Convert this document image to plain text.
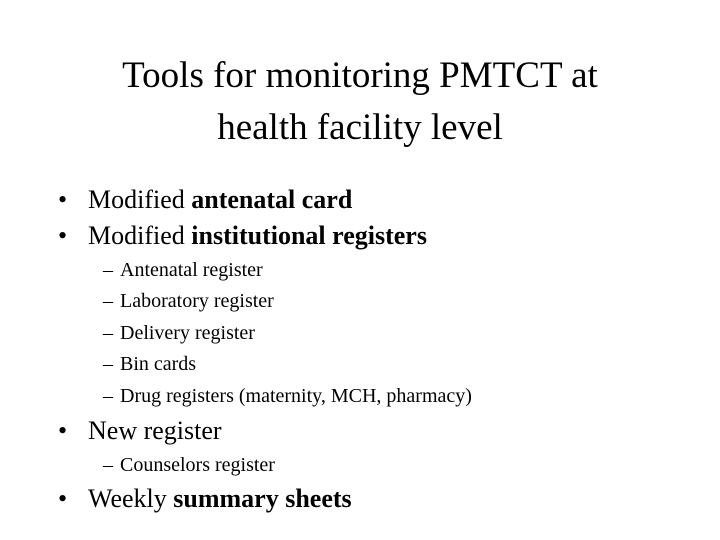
Tools for monitoring PMTCT at
health facility level
• Modified antenatal card
• Modified institutional registers
– Antenatal register
– Laboratory register
– Delivery register
– Bin cards
– Drug registers (maternity, MCH, pharmacy)
• New register
– Counselors register
• Weekly summary sheets
